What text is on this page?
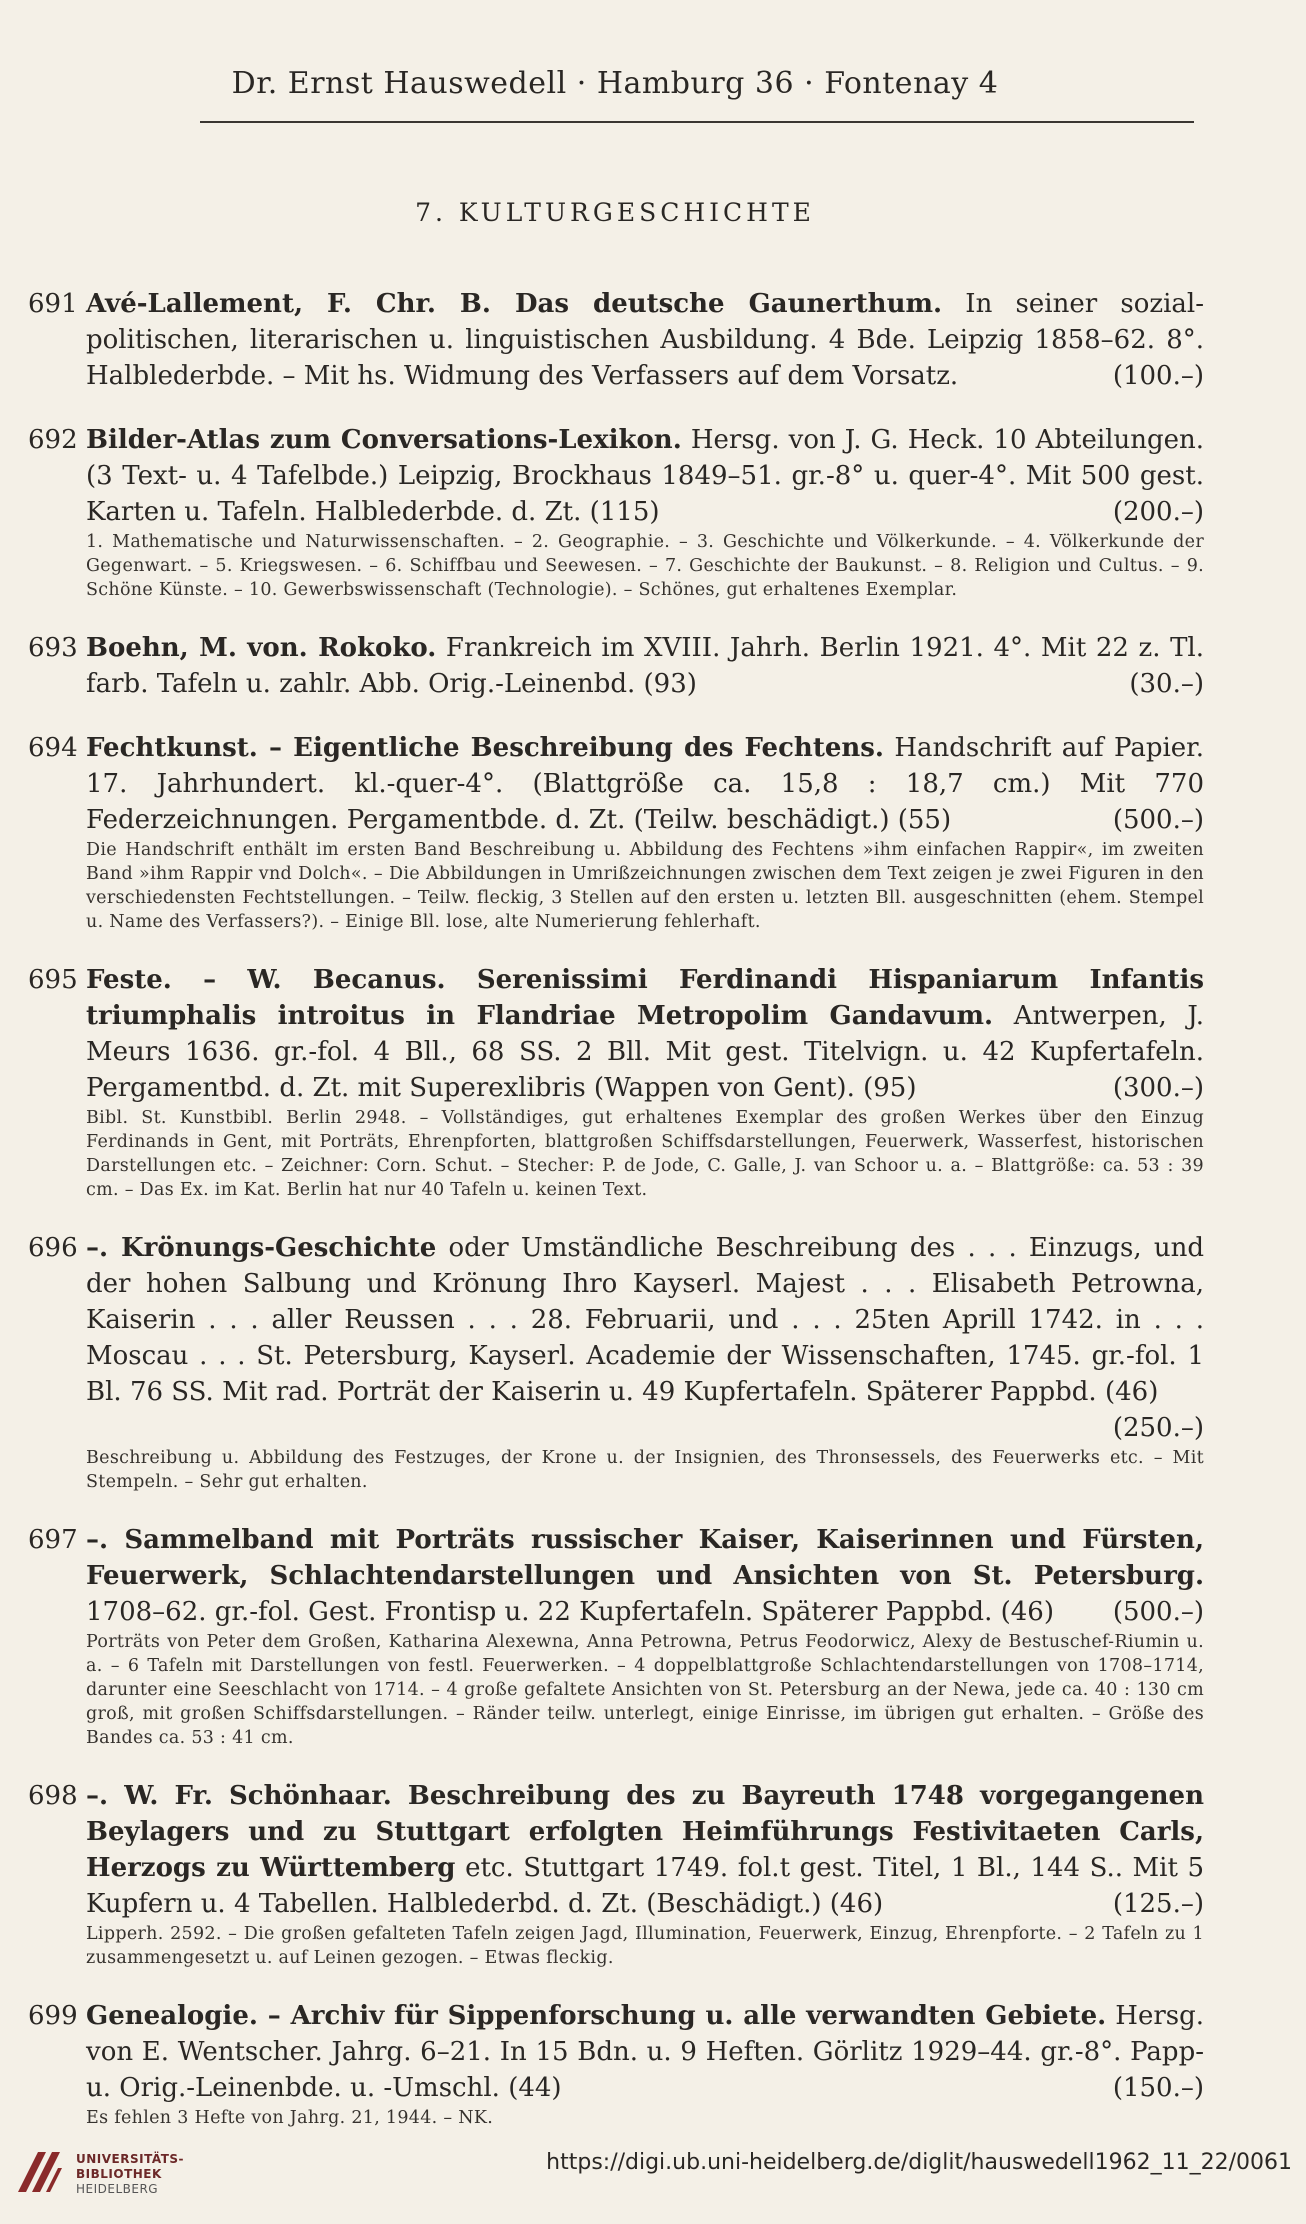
Dr. Ernst Hauswedell · Hamburg 36 · Fontenay 4
7. KULTURGESCHICHTE
691 Avé-Lallement, F. Chr. B. Das deutsche Gaunerthum. In seiner sozial-politischen, literarischen u. linguistischen Ausbildung. 4 Bde. Leipzig 1858–62. 8°. Halblederbde. – Mit hs. Widmung des Verfassers auf dem Vorsatz.	(100.–)
692 Bilder-Atlas zum Conversations-Lexikon. Hersg. von J. G. Heck. 10 Abteilungen. (3 Text- u. 4 Tafelbde.) Leipzig, Brockhaus 1849–51. gr.-8° u. quer-4°. Mit 500 gest. Karten u. Tafeln. Halblederbde. d. Zt. (115)	(200.–)
1. Mathematische und Naturwissenschaften. – 2. Geographie. – 3. Geschichte und Völkerkunde. – 4. Völkerkunde der Gegenwart. – 5. Kriegswesen. – 6. Schiffbau und Seewesen. – 7. Geschichte der Baukunst. – 8. Religion und Cultus. – 9. Schöne Künste. – 10. Gewerbswissenschaft (Technologie). – Schönes, gut erhaltenes Exemplar.
693 Boehn, M. von. Rokoko. Frankreich im XVIII. Jahrh. Berlin 1921. 4°. Mit 22 z. Tl. farb. Tafeln u. zahlr. Abb. Orig.-Leinenbd. (93)	(30.–)
694 Fechtkunst. – Eigentliche Beschreibung des Fechtens. Handschrift auf Papier. 17. Jahrhundert. kl.-quer-4°. (Blattgröße ca. 15,8 : 18,7 cm.) Mit 770 Federzeichnungen. Pergamentbde. d. Zt. (Teilw. beschädigt.) (55)	(500.–)
Die Handschrift enthält im ersten Band Beschreibung u. Abbildung des Fechtens »ihm einfachen Rappir«, im zweiten Band »ihm Rappir vnd Dolch«. – Die Abbildungen in Umrißzeichnungen zwischen dem Text zeigen je zwei Figuren in den verschiedensten Fechtstellungen. – Teilw. fleckig, 3 Stellen auf den ersten u. letzten Bll. ausgeschnitten (ehem. Stempel u. Name des Verfassers?). – Einige Bll. lose, alte Numerierung fehlerhaft.
695 Feste. – W. Becanus. Serenissimi Ferdinandi Hispaniarum Infantis triumphalis introitus in Flandriae Metropolim Gandavum. Antwerpen, J. Meurs 1636. gr.-fol. 4 Bll., 68 SS. 2 Bll. Mit gest. Titelvign. u. 42 Kupfertafeln. Pergamentbd. d. Zt. mit Superexlibris (Wappen von Gent). (95)	(300.–)
Bibl. St. Kunstbibl. Berlin 2948. – Vollständiges, gut erhaltenes Exemplar des großen Werkes über den Einzug Ferdinands in Gent, mit Porträts, Ehrenpforten, blattgroßen Schiffsdarstellungen, Feuerwerk, Wasserfest, historischen Darstellungen etc. – Zeichner: Corn. Schut. – Stecher: P. de Jode, C. Galle, J. van Schoor u. a. – Blattgröße: ca. 53 : 39 cm. – Das Ex. im Kat. Berlin hat nur 40 Tafeln u. keinen Text.
696 –. Krönungs-Geschichte oder Umständliche Beschreibung des . . . Einzugs, und der hohen Salbung und Krönung Ihro Kayserl. Majest . . . Elisabeth Petrowna, Kaiserin . . . aller Reussen . . . 28. Februarii, und . . . 25ten Aprill 1742. in . . . Moscau . . . St. Petersburg, Kayserl. Academie der Wissenschaften, 1745. gr.-fol. 1 Bl. 76 SS. Mit rad. Porträt der Kaiserin u. 49 Kupfertafeln. Späterer Pappbd. (46)
(250.–)
Beschreibung u. Abbildung des Festzuges, der Krone u. der Insignien, des Thronsessels, des Feuerwerks etc. – Mit Stempeln. – Sehr gut erhalten.
697 –. Sammelband mit Porträts russischer Kaiser, Kaiserinnen und Fürsten, Feuerwerk, Schlachtendarstellungen und Ansichten von St. Petersburg. 1708–62. gr.-fol. Gest. Frontisp u. 22 Kupfertafeln. Späterer Pappbd. (46) (500.–)
Porträts von Peter dem Großen, Katharina Alexewna, Anna Petrowna, Petrus Feodorwicz, Alexy de Bestuschef-Riumin u. a. – 6 Tafeln mit Darstellungen von festl. Feuerwerken. – 4 doppelblattgroße Schlachtendarstellungen von 1708–1714, darunter eine Seeschlacht von 1714. – 4 große gefaltete Ansichten von St. Petersburg an der Newa, jede ca. 40 : 130 cm groß, mit großen Schiffsdarstellungen. – Ränder teilw. unterlegt, einige Einrisse, im übrigen gut erhalten. – Größe des Bandes ca. 53 : 41 cm.
698 –. W. Fr. Schönhaar. Beschreibung des zu Bayreuth 1748 vorgegangenen Beylagers und zu Stuttgart erfolgten Heimführungs Festivitaeten Carls, Herzogs zu Württemberg etc. Stuttgart 1749. fol.t gest. Titel, 1 Bl., 144 S.. Mit 5 Kupfern u. 4 Tabellen. Halblederbd. d. Zt. (Beschädigt.) (46)	(125.–)
Lipperh. 2592. – Die großen gefalteten Tafeln zeigen Jagd, Illumination, Feuerwerk, Einzug, Ehrenpforte. – 2 Tafeln zu 1 zusammengesetzt u. auf Leinen gezogen. – Etwas fleckig.
699 Genealogie. – Archiv für Sippenforschung u. alle verwandten Gebiete. Hersg. von E. Wentscher. Jahrg. 6–21. In 15 Bdn. u. 9 Heften. Görlitz 1929–44. gr.-8°. Papp- u. Orig.-Leinenbde. u. -Umschl. (44)	(150.–)
Es fehlen 3 Hefte von Jahrg. 21, 1944. – NK.
UNIVERSITÄTS-
BIBLIOTHEK
HEIDELBERG
https://digi.ub.uni-heidelberg.de/diglit/hauswedell1962_11_22/0061
